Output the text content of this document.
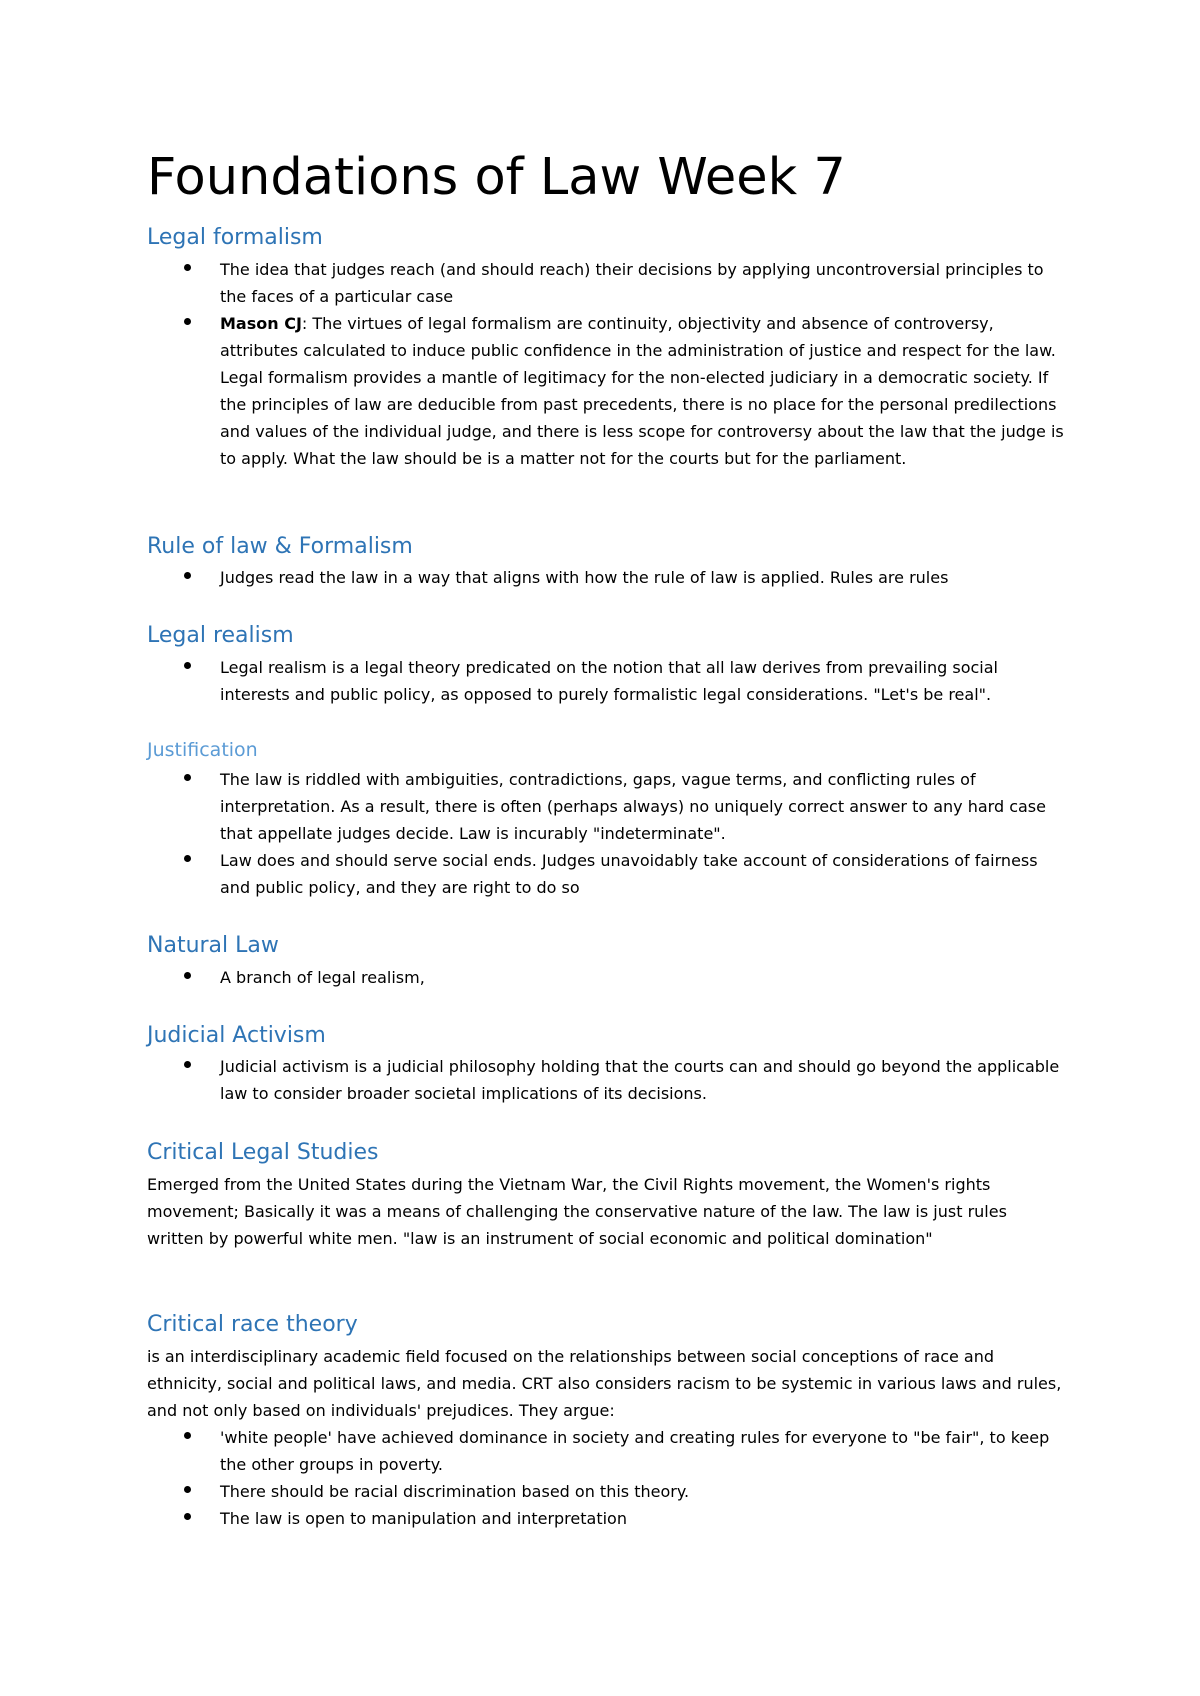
Foundations of Law Week 7
Legal formalism
The idea that judges reach (and should reach) their decisions by applying uncontroversial principles to the faces of a particular case
Mason CJ: The virtues of legal formalism are continuity, objectivity and absence of controversy, attributes calculated to induce public confidence in the administration of justice and respect for the law. Legal formalism provides a mantle of legitimacy for the non-elected judiciary in a democratic society. If the principles of law are deducible from past precedents, there is no place for the personal predilections and values of the individual judge, and there is less scope for controversy about the law that the judge is to apply. What the law should be is a matter not for the courts but for the parliament.
Rule of law & Formalism
Judges read the law in a way that aligns with how the rule of law is applied. Rules are rules
Legal realism
Legal realism is a legal theory predicated on the notion that all law derives from prevailing social interests and public policy, as opposed to purely formalistic legal considerations. "Let's be real".
Justification
The law is riddled with ambiguities, contradictions, gaps, vague terms, and conflicting rules of interpretation. As a result, there is often (perhaps always) no uniquely correct answer to any hard case that appellate judges decide. Law is incurably "indeterminate".
Law does and should serve social ends. Judges unavoidably take account of considerations of fairness and public policy, and they are right to do so
Natural Law
A branch of legal realism,
Judicial Activism
Judicial activism is a judicial philosophy holding that the courts can and should go beyond the applicable law to consider broader societal implications of its decisions.
Critical Legal Studies

Emerged from the United States during the Vietnam War, the Civil Rights movement, the Women's rights movement; Basically it was a means of challenging the conservative nature of the law. The law is just rules written by powerful white men. "law is an instrument of social economic and political domination"

Critical race theory

is an interdisciplinary academic field focused on the relationships between social conceptions of race and ethnicity, social and political laws, and media. CRT also considers racism to be systemic in various laws and rules, and not only based on individuals' prejudices. They argue:

'white people' have achieved dominance in society and creating rules for everyone to "be fair", to keep the other groups in poverty.
There should be racial discrimination based on this theory.
The law is open to manipulation and interpretation
